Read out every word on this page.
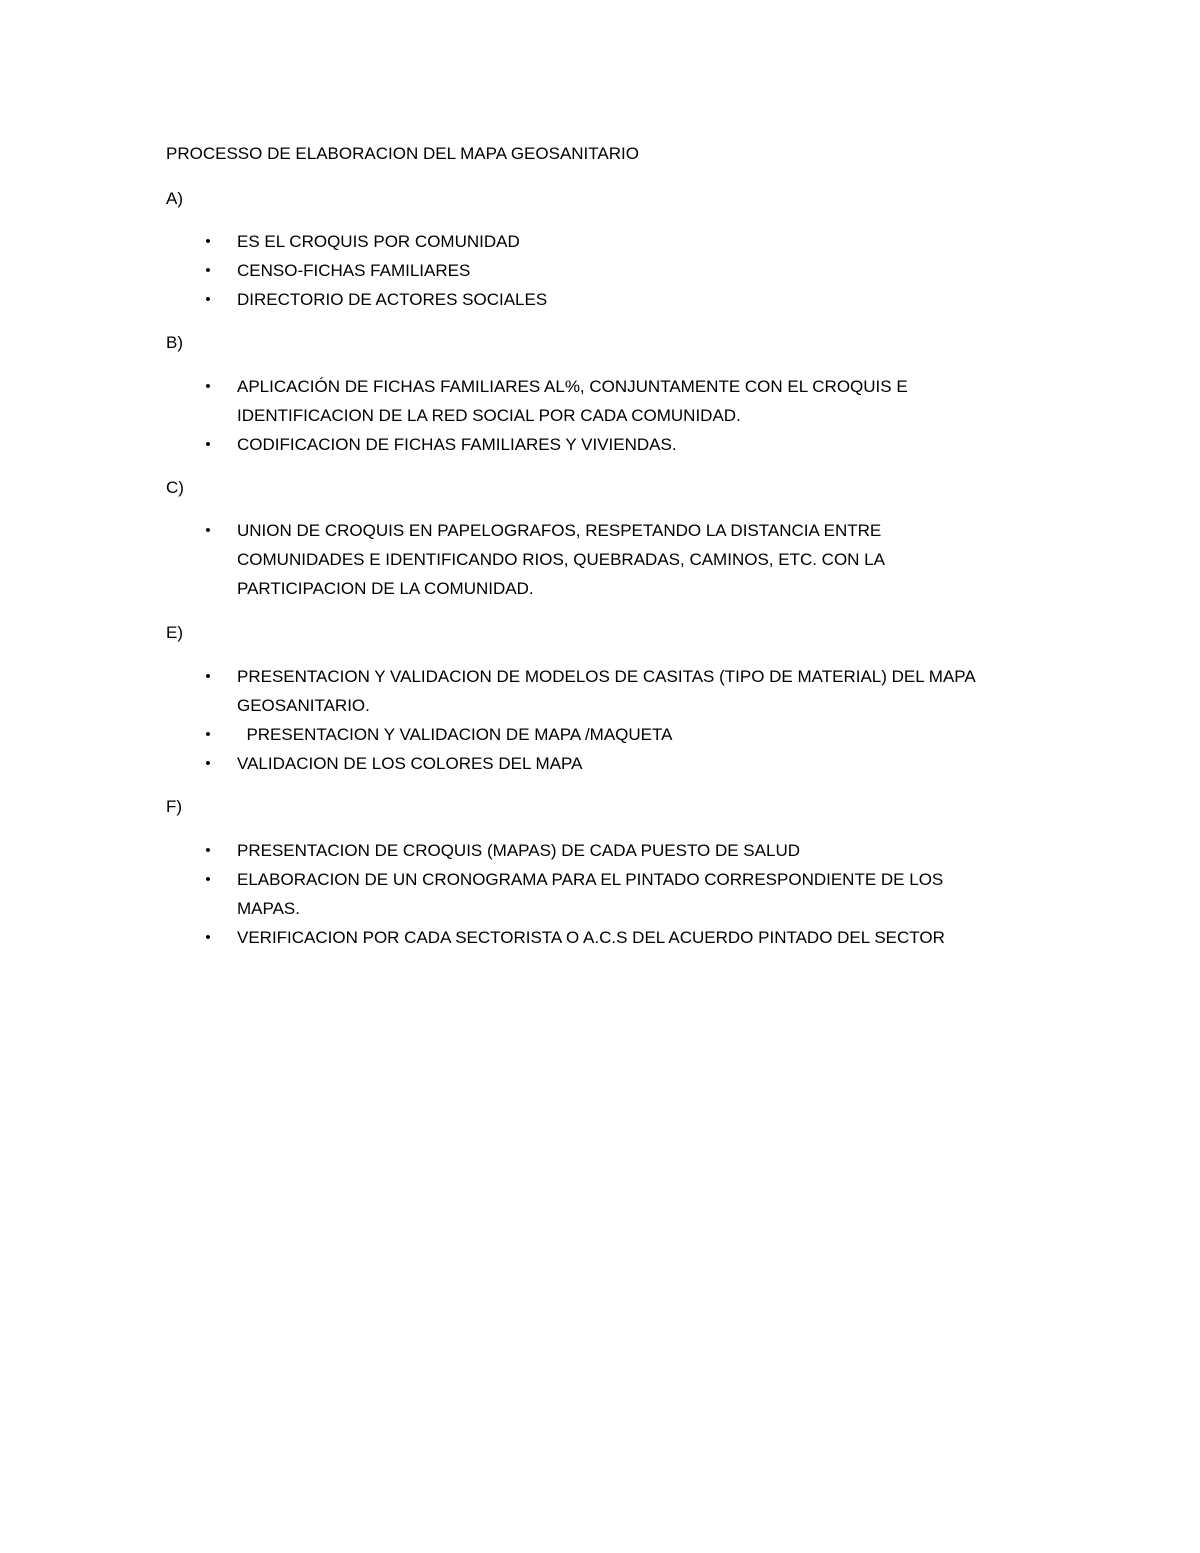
PROCESSO DE ELABORACION DEL MAPA GEOSANITARIO

A)

• ES EL CROQUIS POR COMUNIDAD
• CENSO-FICHAS FAMILIARES
• DIRECTORIO DE ACTORES SOCIALES

B)

• APLICACIÓN DE FICHAS FAMILIARES AL%, CONJUNTAMENTE CON EL CROQUIS E IDENTIFICACION DE LA RED SOCIAL POR CADA COMUNIDAD.
• CODIFICACION DE FICHAS FAMILIARES Y VIVIENDAS.

C)

• UNION DE CROQUIS EN PAPELOGRAFOS, RESPETANDO LA DISTANCIA ENTRE COMUNIDADES E IDENTIFICANDO RIOS, QUEBRADAS, CAMINOS, ETC. CON LA PARTICIPACION DE LA COMUNIDAD.

E)

• PRESENTACION Y VALIDACION DE MODELOS DE CASITAS (TIPO DE MATERIAL) DEL MAPA GEOSANITARIO.
• PRESENTACION Y VALIDACION DE MAPA /MAQUETA
• VALIDACION DE LOS COLORES DEL MAPA

F)

• PRESENTACION DE CROQUIS (MAPAS) DE CADA PUESTO DE SALUD
• ELABORACION DE UN CRONOGRAMA PARA EL PINTADO CORRESPONDIENTE DE LOS MAPAS.
• VERIFICACION POR CADA SECTORISTA O A.C.S DEL ACUERDO PINTADO DEL SECTOR
